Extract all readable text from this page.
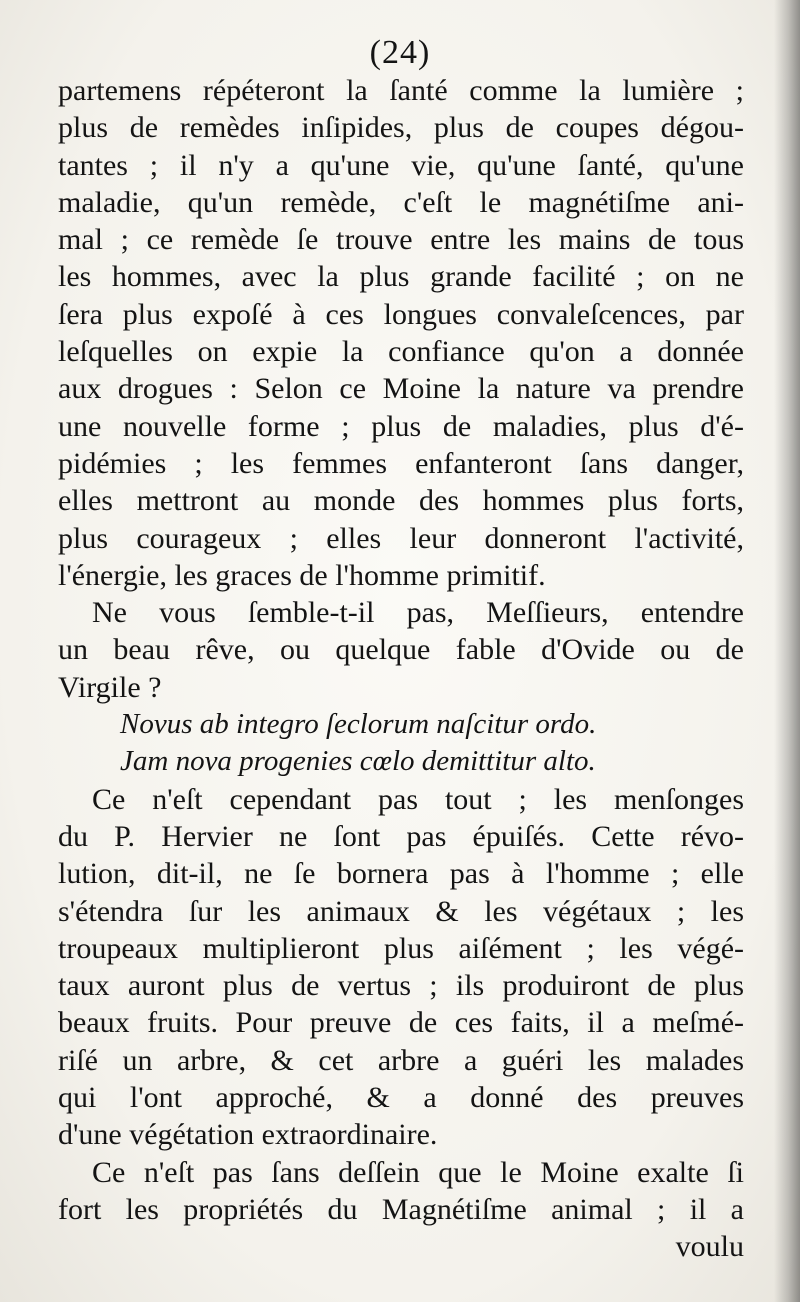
(24)
partemens répéteront la ſanté comme la lumière ;
plus de remèdes inſipides, plus de coupes dégou-
tantes ; il n'y a qu'une vie, qu'une ſanté, qu'une
maladie, qu'un remède, c'eſt le magnétiſme ani-
mal ; ce remède ſe trouve entre les mains de tous
les hommes, avec la plus grande facilité ; on ne
ſera plus expoſé à ces longues convaleſcences, par
leſquelles on expie la confiance qu'on a donnée
aux drogues : Selon ce Moine la nature va prendre
une nouvelle forme ; plus de maladies, plus d'é-
pidémies ; les femmes enfanteront ſans danger,
elles mettront au monde des hommes plus forts,
plus courageux ; elles leur donneront l'activité,
l'énergie, les graces de l'homme primitif.
Ne vous ſemble-t-il pas, Meſſieurs, entendre
un beau rêve, ou quelque fable d'Ovide ou de
Virgile ?
Novus ab integro ſeclorum naſcitur ordo.
Jam nova progenies cœlo demittitur alto.
Ce n'eſt cependant pas tout ; les menſonges
du P. Hervier ne ſont pas épuiſés. Cette révo-
lution, dit-il, ne ſe bornera pas à l'homme ; elle
s'étendra ſur les animaux & les végétaux ; les
troupeaux multiplieront plus aiſément ; les végé-
taux auront plus de vertus ; ils produiront de plus
beaux fruits. Pour preuve de ces faits, il a meſmé-
riſé un arbre, & cet arbre a guéri les malades
qui l'ont approché, & a donné des preuves
d'une végétation extraordinaire.
Ce n'eſt pas ſans deſſein que le Moine exalte ſi
fort les propriétés du Magnétiſme animal ; il a
voulu
